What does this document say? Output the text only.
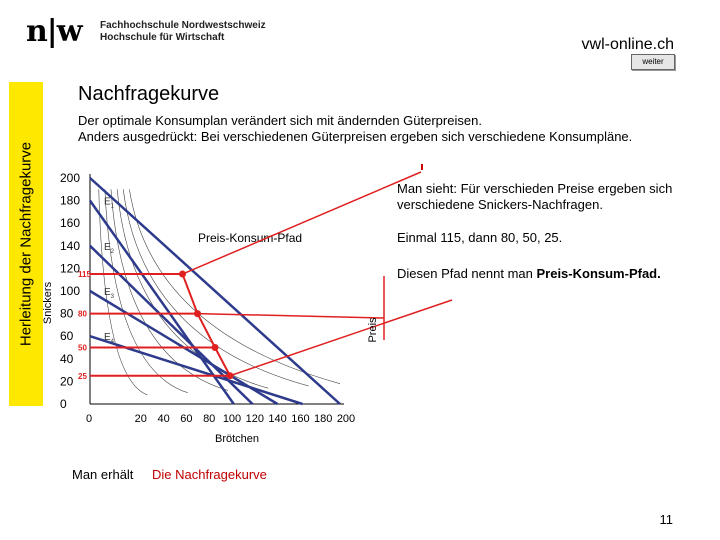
n|w Fachhochschule Nordwestschweiz
Hochschule für Wirtschaft	vwl-online.ch
weiter
Herleitung der Nachfragekurve
Nachfragekurve
Der optimale Konsumplan verändert sich mit ändernden Güterpreisen.
Anders ausgedrückt: Bei verschiedenen Güterpreisen ergeben sich verschiedene Konsumpläne.
Man sieht: Für verschieden Preise ergeben sich verschiedene Snickers-Nachfragen.
Einmal 115, dann 80, 50, 25.
Diesen Pfad nennt man Preis-Konsum-Pfad.
0
20
40
60
80
100
120
140
160
180
200
0	20 40 60 80 100 120 140 160 180 200
Brötchen
$E_1$
$E_2$
$E_3$
$E_4$
Preis-Konsum-Pfad
115
80
50
25
Snickers
Preis
Man erhält Die Nachfragekurve
11
